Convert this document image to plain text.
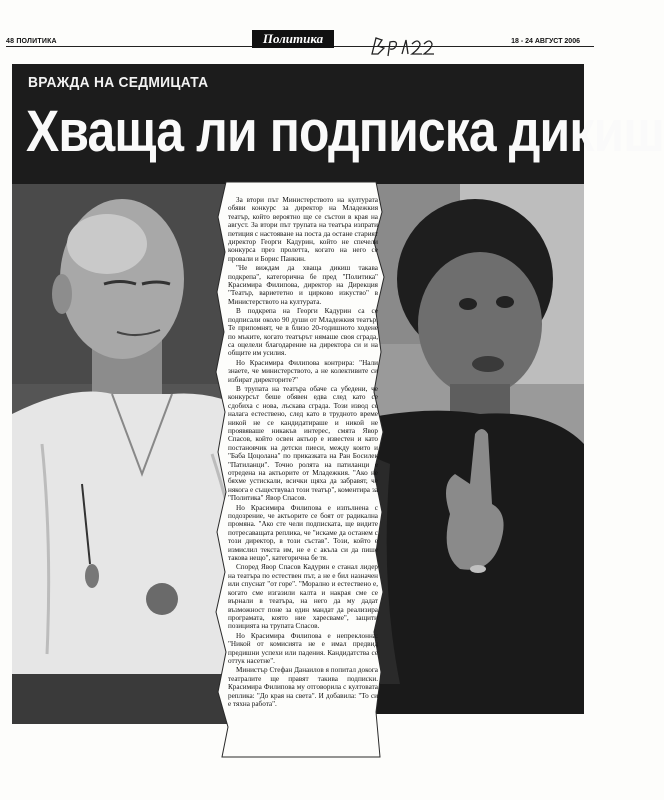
48 ПОЛИТИКА	Политика	18 - 24 АВГУСТ 2006
ВРАЖДА НА СЕДМИЦАТА
Хваща ли подписка дикиш

За втори път Министерството на културата обяви конкурс за директор на Младежкия театър, който вероятно ще се състои в края на август. За втори път трупата на театъра изпрати петиция с настояване на поста да остане старият директор Георги Кадурин, който не спечели конкурса през пролетта, когато на него се провали и Борис Панкин.

"Не виждам да хваща дикиш такава подкрепа", категорична бе пред "Политика" Красимира Филипова, директор на Дирекция "Театър, вариететно и цирково изкуство" в Министерството на културата.

В подкрепа на Георги Кадурин са се подписали около 90 души от Младежкия театър. Те припомнят, че в близо 20-годишното ходене по мъките, когато театърът нямаше своя сграда, са оцелели благодарение на директора си и на общите им усилия.

Но Красимира Филипова контрира: "Нали знаете, че министерството, а не колективите си избират директорите?"

В трупата на театъра обаче са убедени, че конкурсът беше обявен едва след като се сдобиха с нова, лъскава сграда. Този извод се налага естествено, след като в трудното време никой не се кандидатираше и никой не проявяваше никакъв интерес, смята Явор Спасов, който освен актьор е известен и като постановчик на детски пиеси, между които и "Баба Цоцолана" по приказката на Ран Босилек "Патиланци". Точно ролята на патиланци е отредена на актьорите от Младежкия. "Ако не бяхме устискали, всички щяха да забравят, че някога е съществувал този театър", коментира за "Политика" Явор Спасов.

Но Красимира Филипова е изпълнена с подозрение, че актьорите се боят от радикална промяна. "Ако сте чели подписката, ще видите потресаващата реплика, че "искаме да останем с този директор, в този състав". Този, който е измислил текста им, не е с акъла си да пише такова нещо", категорична бе тя.

Според Явор Спасов Кадурин е станал лидер на театъра по естествен път, а не е бил назначен или спуснат "от горе". "Морално и естествено е, когато сме изгазили калта и накрая сме се върнали в театъра, на него да му дадат възможност поне за един мандат да реализира програмата, която ние харесваме", защити позицията на трупата Спасов.

Но Красимира Филипова е непреклонна: "Никой от комисията не е имал предвид предишни успехи или падения. Кандидатства се оттук насетне".

Министър Стефан Данаилов я попитал докога театралите ще правят такива подписки. Красимира Филипова му отговорила с култовата реплика: "До края на света". И добавила: "То си е тяхна работа".
